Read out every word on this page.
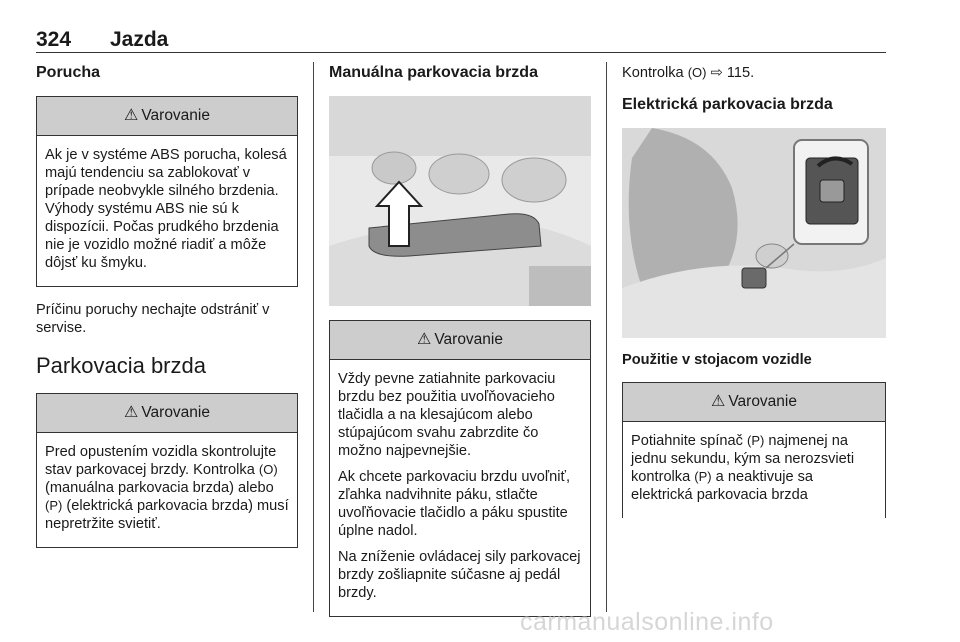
324 Jazda
Porucha
⚠ Varovanie

Ak je v systéme ABS porucha, kolesá majú tendenciu sa zablokovať v prípade neobvykle silného brzdenia. Výhody systému ABS nie sú k dispozícii. Počas prudkého brzdenia nie je vozidlo možné riadiť a môže dôjsť ku šmyku.

Príčinu poruchy nechajte odstrániť v servise.

Parkovacia brzda
⚠ Varovanie

Pred opustením vozidla skontrolujte stav parkovacej brzdy. Kontrolka (O) (manuálna parkovacia brzda) alebo (P) (elektrická parkovacia brzda) musí nepretržite svietiť.

Manuálna parkovacia brzda
⚠ Varovanie

Vždy pevne zatiahnite parkovaciu brzdu bez použitia uvoľňovacieho tlačidla a na klesajúcom alebo stúpajúcom svahu zabrzdite čo možno najpevnejšie.

Ak chcete parkovaciu brzdu uvoľniť, zľahka nadvihnite páku, stlačte uvoľňovacie tlačidlo a páku spustite úplne nadol.

Na zníženie ovládacej sily parkovacej brzdy zošliapnite súčasne aj pedál brzdy.

Kontrolka (O) ⇨ 115.

Elektrická parkovacia brzda
Použitie v stojacom vozidle
⚠ Varovanie

Potiahnite spínač (P) najmenej na jednu sekundu, kým sa nerozsvieti kontrolka (P) a neaktivuje sa elektrická parkovacia brzda

carmanualsonline.info
